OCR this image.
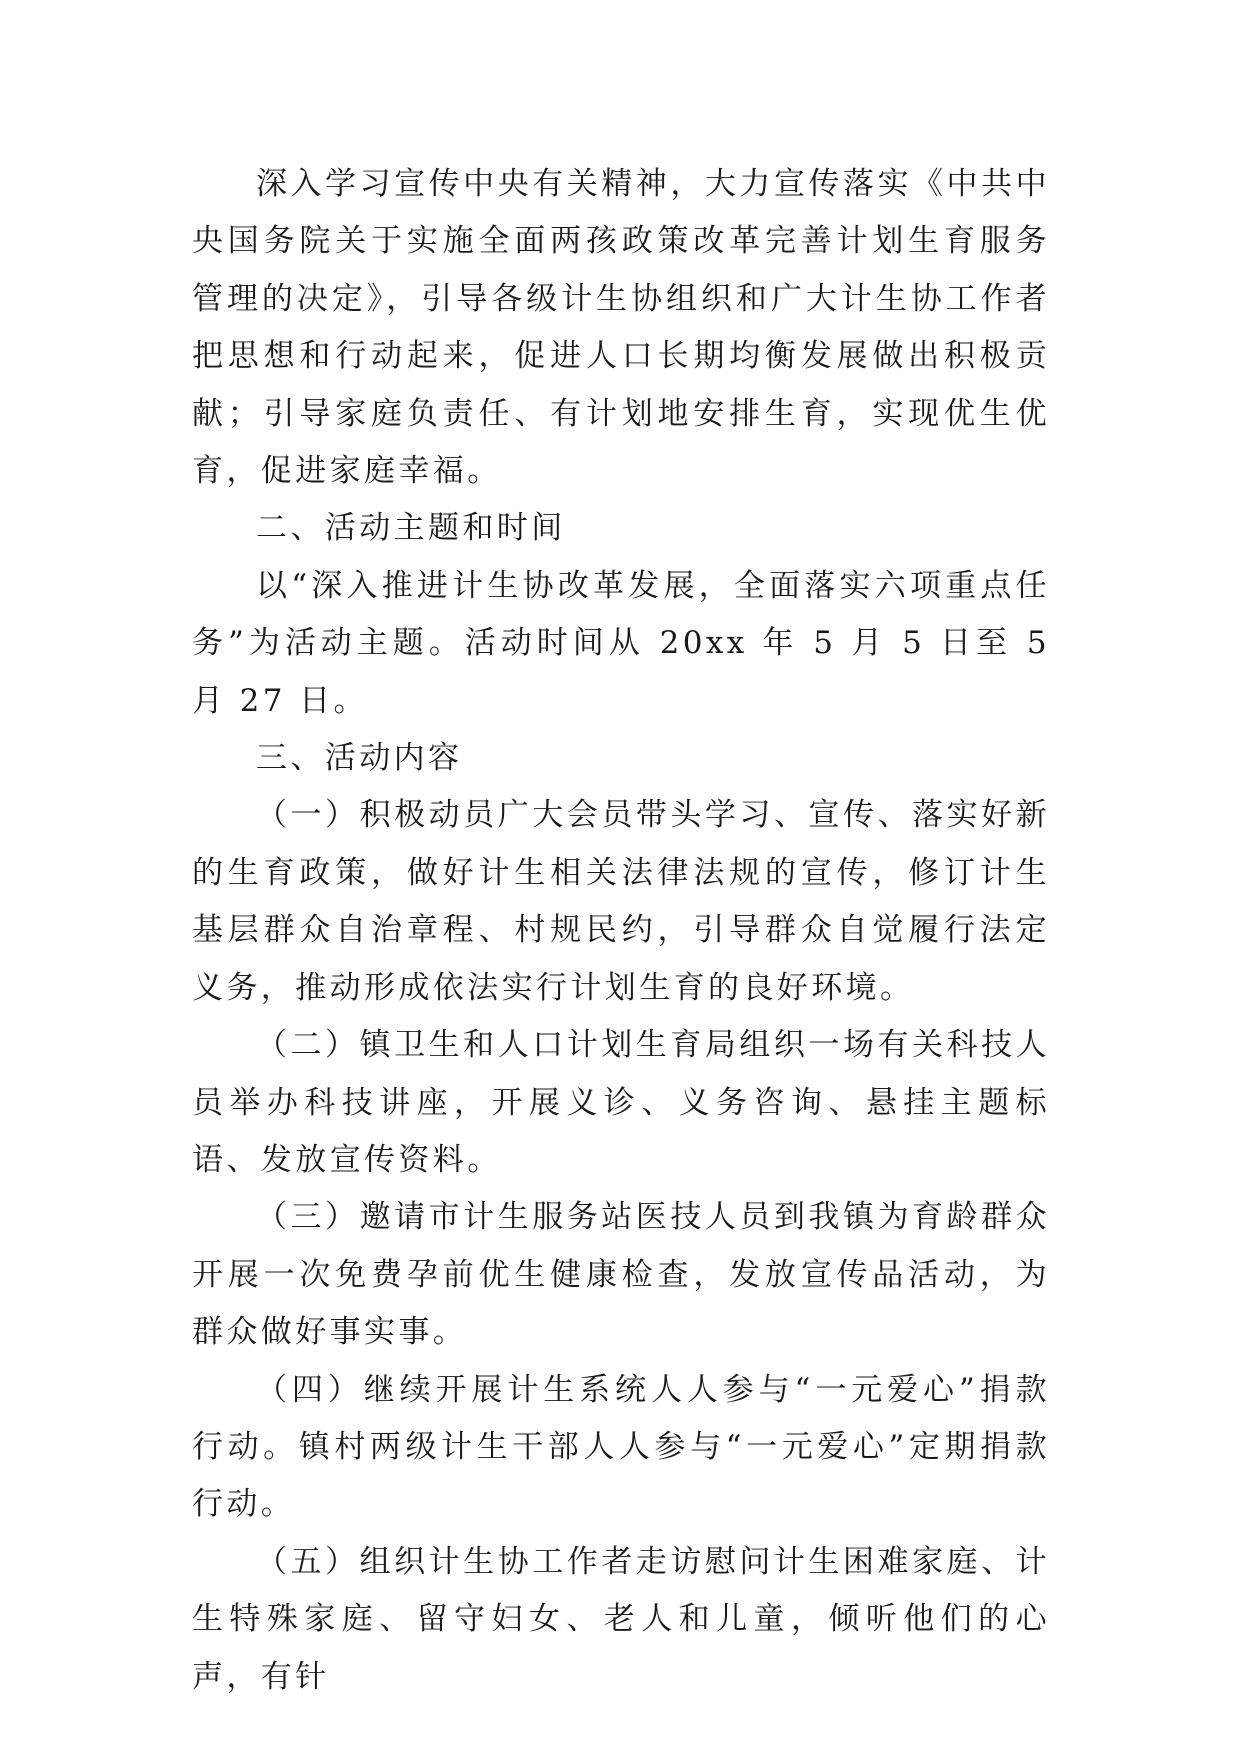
深入学习宣传中央有关精神，大力宣传落实《中共中央国务院关于实施全面两孩政策改革完善计划生育服务管理的决定》，引导各级计生协组织和广大计生协工作者把思想和行动起来，促进人口长期均衡发展做出积极贡献；引导家庭负责任、有计划地安排生育，实现优生优育，促进家庭幸福。

二、活动主题和时间

以“深入推进计生协改革发展，全面落实六项重点任务”为活动主题。活动时间从 20xx 年 5 月 5 日至 5 月 27 日。

三、活动内容

（一）积极动员广大会员带头学习、宣传、落实好新的生育政策，做好计生相关法律法规的宣传，修订计生基层群众自治章程、村规民约，引导群众自觉履行法定义务，推动形成依法实行计划生育的良好环境。

（二）镇卫生和人口计划生育局组织一场有关科技人员举办科技讲座，开展义诊、义务咨询、悬挂主题标语、发放宣传资料。

（三）邀请市计生服务站医技人员到我镇为育龄群众开展一次免费孕前优生健康检查，发放宣传品活动，为群众做好事实事。

（四）继续开展计生系统人人参与“一元爱心”捐款行动。镇村两级计生干部人人参与“一元爱心”定期捐款行动。

（五）组织计生协工作者走访慰问计生困难家庭、计生特殊家庭、留守妇女、老人和儿童，倾听他们的心声，有针
